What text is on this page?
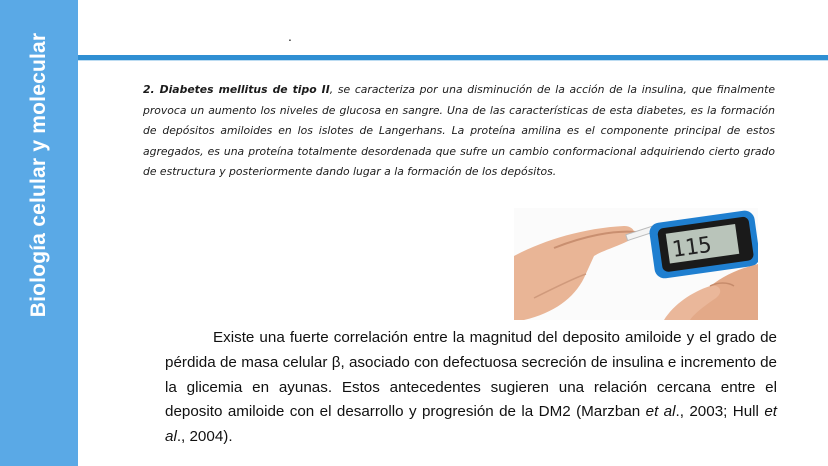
Biología celular y molecular	.
2. Diabetes mellitus de tipo II, se caracteriza por una disminución de la acción de la insulina, que finalmente provoca un aumento los niveles de glucosa en sangre. Una de las características de esta diabetes, es la formación de depósitos amiloides en los islotes de Langerhans. La proteína amilina es el componente principal de estos agregados, es una proteína totalmente desordenada que sufre un cambio conformacional adquiriendo cierto grado de estructura y posteriormente dando lugar a la formación de los depósitos.
115

Existe una fuerte correlación entre la magnitud del deposito amiloide y el grado de pérdida de masa celular β, asociado con defectuosa secreción de insulina e incremento de la glicemia en ayunas. Estos antecedentes sugieren una relación cercana entre el deposito amiloide con el desarrollo y progresión de la DM2 (Marzban et al., 2003; Hull et al., 2004).
